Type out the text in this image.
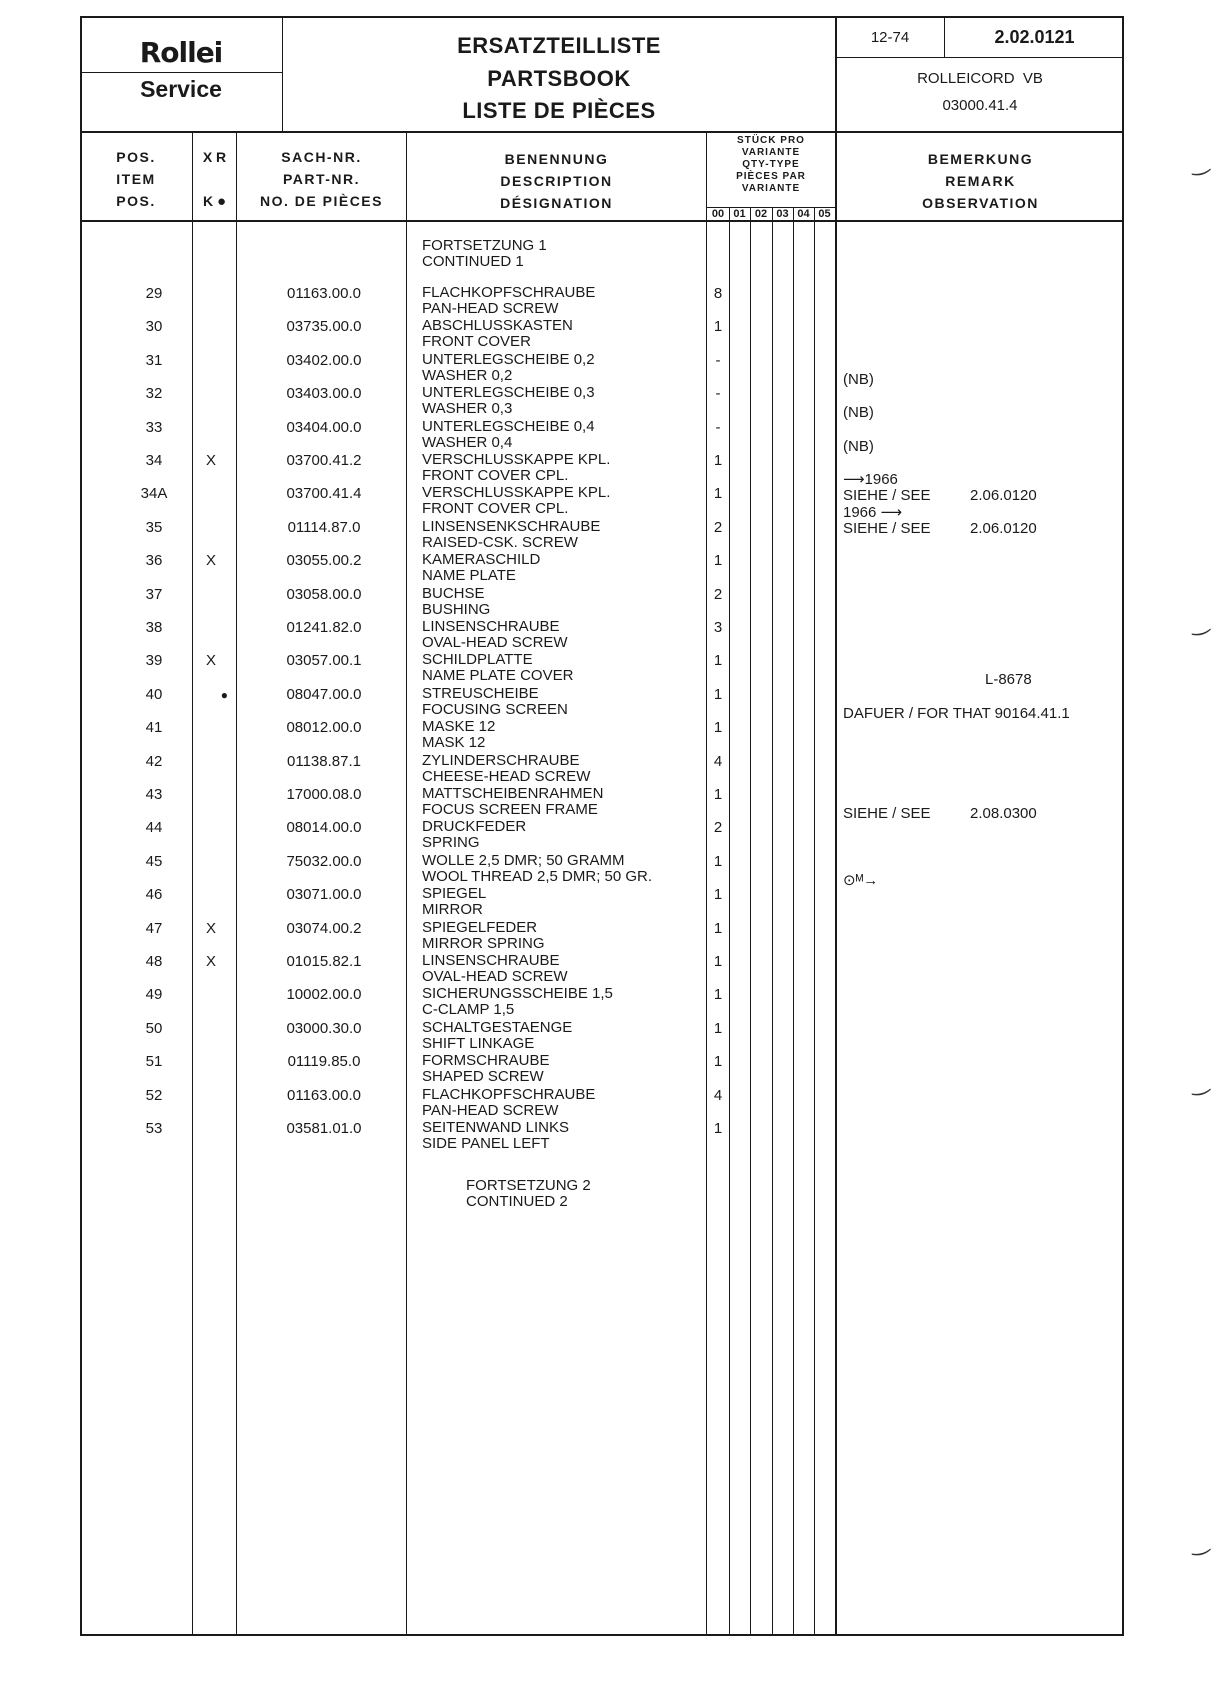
Rollei
Service
ERSATZTEILLISTE
PARTSBOOK
LISTE DE PIÈCES
12-74	2.02.0121
ROLLEICORD  VB
03000.41.4
POS.
ITEM
POS.
X R
K ●
SACH-NR.
PART-NR.
NO. DE PIÈCES
BENENNUNG
DESCRIPTION
DÉSIGNATION
STÜCK PRO
VARIANTE
QTY-TYPE
PIÈCES PAR
VARIANTE
00 01 02 03 04 05
BEMERKUNG
REMARK
OBSERVATION
FORTSETZUNG 1
CONTINUED 1
29	01163.00.0	8
FLACHKOPFSCHRAUBE
PAN-HEAD SCREW
30	03735.00.0	1
ABSCHLUSSKASTEN
FRONT COVER
31	03402.00.0	-
UNTERLEGSCHEIBE 0,2
WASHER 0,2	(NB)
32	03403.00.0	-
UNTERLEGSCHEIBE 0,3
WASHER 0,3	(NB)
33	03404.00.0	-
UNTERLEGSCHEIBE 0,4
WASHER 0,4	(NB)
34	X	03700.41.2	1
VERSCHLUSSKAPPE KPL.
FRONT COVER CPL.	⟶1966
SIEHE / SEE	2.06.0120
34A	03700.41.4	1
VERSCHLUSSKAPPE KPL.
FRONT COVER CPL.	1966 ⟶
SIEHE / SEE	2.06.0120
35	01114.87.0	2
LINSENSENKSCHRAUBE
RAISED-CSK. SCREW
36	X	03055.00.2	1
KAMERASCHILD
NAME PLATE
37	03058.00.0	2
BUCHSE
BUSHING
38	01241.82.0	3
LINSENSCHRAUBE
OVAL-HEAD SCREW
39	X	03057.00.1	1
SCHILDPLATTE
NAME PLATE COVER	L-8678
40	●	08047.00.0	1
STREUSCHEIBE
FOCUSING SCREEN	DAFUER / FOR THAT 90164.41.1
41	08012.00.0	1
MASKE 12
MASK 12
42	01138.87.1	4
ZYLINDERSCHRAUBE
CHEESE-HEAD SCREW
43	17000.08.0	1
MATTSCHEIBENRAHMEN
FOCUS SCREEN FRAME	SIEHE / SEE	2.08.0300
44	08014.00.0	2
DRUCKFEDER
SPRING
45	75032.00.0	1
WOLLE 2,5 DMR; 50 GRAMM
WOOL THREAD 2,5 DMR; 50 GR.	⊙ᴹ→
46	03071.00.0	1
SPIEGEL
MIRROR
47	X	03074.00.2	1
SPIEGELFEDER
MIRROR SPRING
48	X	01015.82.1	1
LINSENSCHRAUBE
OVAL-HEAD SCREW
49	10002.00.0	1
SICHERUNGSSCHEIBE 1,5
C-CLAMP 1,5
50	03000.30.0	1
SCHALTGESTAENGE
SHIFT LINKAGE
51	01119.85.0	1
FORMSCHRAUBE
SHAPED SCREW
52	01163.00.0	4
FLACHKOPFSCHRAUBE
PAN-HEAD SCREW
53	03581.01.0	1
SEITENWAND LINKS
SIDE PANEL LEFT
FORTSETZUNG 2
CONTINUED 2
‿
‿
‿
‿
